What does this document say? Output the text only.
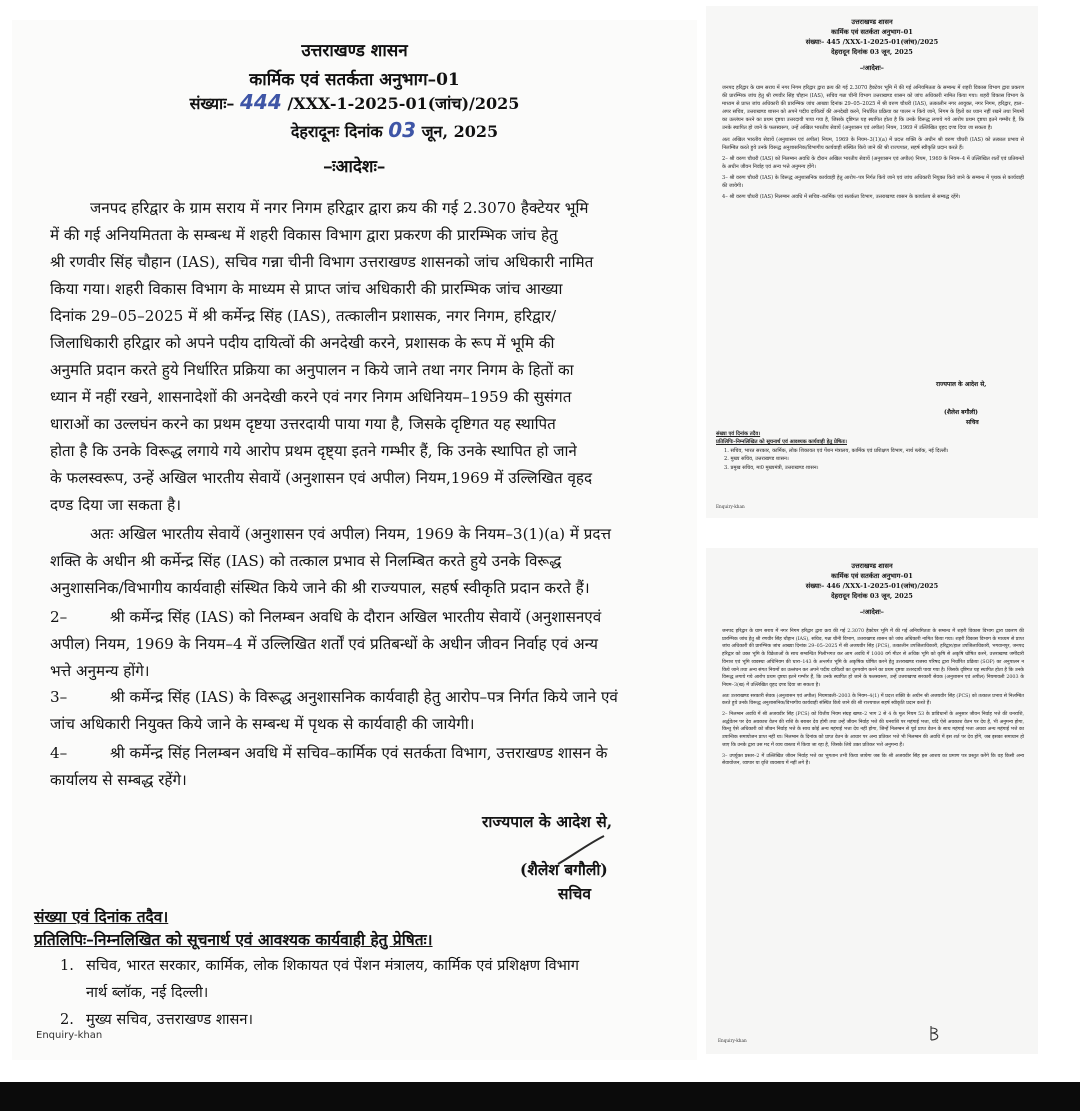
उत्तराखण्ड शासन
कार्मिक एवं सतर्कता अनुभाग–01
संख्याः– 444 /XXX-1-2025-01(जांच)/2025
देहरादूनः दिनांक 03 जून, 2025
–ःआदेशः–
जनपद हरिद्वार के ग्राम सराय में नगर निगम हरिद्वार द्वारा क्रय की गई 2.3070 हैक्टेयर भूमि
में की गई अनियमितता के सम्बन्ध में शहरी विकास विभाग द्वारा प्रकरण की प्रारम्भिक जांच हेतु
श्री रणवीर सिंह चौहान (IAS), सचिव गन्ना चीनी विभाग उत्तराखण्ड शासनको जांच अधिकारी नामित
किया गया। शहरी विकास विभाग के माध्यम से प्राप्त जांच अधिकारी की प्रारम्भिक जांच आख्या
दिनांक 29–05–2025 में श्री कर्मेन्द्र सिंह (IAS), तत्कालीन प्रशासक, नगर निगम, हरिद्वार/
जिलाधिकारी हरिद्वार को अपने पदीय दायित्वों की अनदेखी करने, प्रशासक के रूप में भूमि की
अनुमति प्रदान करते हुये निर्धारित प्रक्रिया का अनुपालन न किये जाने तथा नगर निगम के हितों का
ध्यान में नहीं रखने, शासनादेशों की अनदेखी करने एवं नगर निगम अधिनियम–1959 की सुसंगत
धाराओं का उल्लघंन करने का प्रथम दृष्टया उत्तरदायी पाया गया है, जिसके दृष्टिगत यह स्थापित
होता है कि उनके विरूद्ध लगाये गये आरोप प्रथम दृष्ट्या इतने गम्भीर हैं, कि उनके स्थापित हो जाने
के फलस्वरूप, उन्हें अखिल भारतीय सेवायें (अनुशासन एवं अपील) नियम,1969 में उल्लिखित वृहद
दण्ड दिया जा सकता है।
अतः अखिल भारतीय सेवायें (अनुशासन एवं अपील) नियम, 1969 के नियम–3(1)(a) में प्रदत्त
शक्ति के अधीन श्री कर्मेन्द्र सिंह (IAS) को तत्काल प्रभाव से निलम्बित करते हुये उनके विरूद्ध
अनुशासनिक/विभागीय कार्यवाही संस्थित किये जाने की श्री राज्यपाल, सहर्ष स्वीकृति प्रदान करते हैं।
2–	श्री कर्मेन्द्र सिंह (IAS) को निलम्बन अवधि के दौरान अखिल भारतीय सेवायें (अनुशासनएवं
अपील) नियम, 1969 के नियम–4 में उल्लिखित शर्तों एवं प्रतिबन्धों के अधीन जीवन निर्वाह एवं अन्य
भत्ते अनुमन्य होंगे।
3–	श्री कर्मेन्द्र सिंह (IAS) के विरूद्ध अनुशासनिक कार्यवाही हेतु आरोप–पत्र निर्गत किये जाने एवं
जांच अधिकारी नियुक्त किये जाने के सम्बन्ध में पृथक से कार्यवाही की जायेगी।
4–	श्री कर्मेन्द्र सिंह निलम्बन अवधि में सचिव–कार्मिक एवं सतर्कता विभाग, उत्तराखण्ड शासन के
कार्यालय से सम्बद्ध रहेंगे।
राज्यपाल के आदेश से,
(शैलेश बगौली)
सचिव
संख्या एवं दिनांक तदैव।
प्रतिलिपिः–निम्नलिखित को सूचनार्थ एवं आवश्यक कार्यवाही हेतु प्रेषितः।
1. सचिव, भारत सरकार, कार्मिक, लोक शिकायत एवं पेंशन मंत्रालय, कार्मिक एवं प्रशिक्षण विभाग
नार्थ ब्लॉक, नई दिल्ली।
2. मुख्य सचिव, उत्तराखण्ड शासन।
Enquiry-khan
उत्तराखण्ड शासन
कार्मिक एवं सतर्कता अनुभाग–01
संख्याः– 445 /XXX-1-2025-01(जांच)/2025
देहरादून दिनांक 03 जून, 2025
–ःआदेशः–

जनपद हरिद्वार के ग्राम सराय में नगर निगम हरिद्वार द्वारा क्रय की गई 2.3070 हैक्टेयर भूमि में की गई अनियमितता के सम्बन्ध में शहरी विकास विभाग द्वारा प्रकरण की प्रारम्भिक जांच हेतु श्री रणवीर सिंह चौहान (IAS), सचिव गन्ना चीनी विभाग उत्तराखण्ड शासन को जांच अधिकारी नामित किया गया। शहरी विकास विभाग के माध्यम से प्राप्त जांच अधिकारी की प्रारम्भिक जांच आख्या दिनांक 29–05–2025 में श्री वरुण चौधरी (IAS), तत्कालीन नगर आयुक्त, नगर निगम, हरिद्वार, हाल–अपर सचिव, उत्तराखण्ड शासन को अपने पदीय दायित्वों की अनदेखी करने, निर्धारित प्रक्रिया का पालन न किये जाने, निगम के हितों का ध्यान नहीं रखने तथा नियमों का उल्लंघन करने का प्रथम दृष्टया उत्तरदायी पाया गया है, जिसके दृष्टिगत यह स्थापित होता है कि उनके विरूद्ध लगाये गये आरोप प्रथम दृष्टया इतने गम्भीर हैं, कि उनके स्थापित हो जाने के फलस्वरूप, उन्हें अखिल भारतीय सेवायें (अनुशासन एवं अपील) नियम, 1969 में उल्लिखित वृहद दण्ड दिया जा सकता है।

अतः अखिल भारतीय सेवायें (अनुशासन एवं अपील) नियम, 1969 के नियम–3(1)(a) में प्रदत्त शक्ति के अधीन श्री वरुण चौधरी (IAS) को तत्काल प्रभाव से निलम्बित करते हुये उनके विरूद्ध अनुशासनिक/विभागीय कार्यवाही संस्थित किये जाने की श्री राज्यपाल, सहर्ष स्वीकृति प्रदान करते हैं।

2– श्री वरुण चौधरी (IAS) को निलम्बन अवधि के दौरान अखिल भारतीय सेवायें (अनुशासन एवं अपील) नियम, 1969 के नियम–4 में उल्लिखित शर्तों एवं प्रतिबन्धों के अधीन जीवन निर्वाह एवं अन्य भत्ते अनुमन्य होंगे।

3– श्री वरुण चौधरी (IAS) के विरूद्ध अनुशासनिक कार्यवाही हेतु आरोप–पत्र निर्गत किये जाने एवं जांच अधिकारी नियुक्त किये जाने के सम्बन्ध में पृथक से कार्यवाही की जायेगी।

4– श्री वरुण चौधरी (IAS) निलम्बन अवधि में सचिव–कार्मिक एवं सतर्कता विभाग, उत्तराखण्ड शासन के कार्यालय से सम्बद्ध रहेंगे।

राज्यपाल के आदेश से,
(शैलेश बगौली)
सचिव
संख्या एवं दिनांक तदैव।
प्रतिलिपिः–निम्नलिखित को सूचनार्थ एवं आवश्यक कार्यवाही हेतु प्रेषितः।
1. सचिव, भारत सरकार, कार्मिक, लोक शिकायत एवं पेंशन मंत्रालय, कार्मिक एवं प्रशिक्षण विभाग, नार्थ ब्लॉक, नई दिल्ली।
2. मुख्य सचिव, उत्तराखण्ड शासन।
3. प्रमुख सचिव, मा0 मुख्यमंत्री, उत्तराखण्ड शासन।
Enquiry-khan
उत्तराखण्ड शासन
कार्मिक एवं सतर्कता अनुभाग–01
संख्याः– 446 /XXX-1-2025-01(जांच)/2025
देहरादून दिनांक 03 जून, 2025
–ःआदेशः–

जनपद हरिद्वार के ग्राम सराय में नगर निगम हरिद्वार द्वारा क्रय की गई 2.3070 हैक्टेयर भूमि में की गई अनियमितता के सम्बन्ध में शहरी विकास विभाग द्वारा प्रकरण की प्रारम्भिक जांच हेतु श्री रणवीर सिंह चौहान (IAS), सचिव, गन्ना चीनी विभाग, उत्तराखण्ड शासन को जांच अधिकारी नामित किया गया। शहरी विकास विभाग के माध्यम से प्राप्त जांच अधिकारी की प्रारम्भिक जांच आख्या दिनांक 29–05–2025 में श्री अजयवीर सिंह (PCS), तत्कालीन उपजिलाधिकारी, हरिद्वार/हाल उपजिलाधिकारी, भगवानपुर, जनपद हरिद्वार को उक्त भूमि के विक्रेताओं के साथ सम्बन्धित मिलीभगत कर आम अवधि में 1000 वर्ग मीटर से अधिक भूमि को कृषि से अकृषि घोषित करने, उत्तराखण्ड जमींदारी विनाश एवं भूमि व्यवस्था अधिनियम की धारा–143 के अन्तर्गत भूमि के अकृषिक घोषित करने हेतु उत्तराखण्ड राजस्व परिषद द्वारा निर्धारित प्रक्रिया (SOP) का अनुपालन न किये जाने तथा अन्य संगत नियमों का उल्लंघन कर अपने पदीय दायित्वों का दुरुपयोग करने का प्रथम दृष्टया उत्तरदायी पाया गया है। जिसके दृष्टिगत यह स्थापित होता है कि उनके विरूद्ध लगाये गये आरोप प्रथम दृष्टया इतने गम्भीर हैं, कि उनके स्थापित हो जाने के फलस्वरूप, उन्हें उत्तराखण्ड सरकारी सेवक (अनुशासन एवं अपील) नियमावली 2003 के नियम–3(ख) में उल्लिखित वृहद दण्ड दिया जा सकता है।

अतः उत्तराखण्ड सरकारी सेवक (अनुशासन एवं अपील) नियमावली–2003 के नियम–4(1) में प्रदत्त शक्ति के अधीन श्री अजयवीर सिंह (PCS) को तत्काल प्रभाव से निलम्बित करते हुये उनके विरूद्ध अनुशासनिक/विभागीय कार्यवाही संस्थित किये जाने की श्री राज्यपाल सहर्ष स्वीकृति प्रदान करते हैं।

2– निलम्बन अवधि में श्री अजयवीर सिंह (PCS) को वित्तीय नियम संग्रह खण्ड–2 भाग 2 से 4 के मूल नियम 53 के प्राविधानों के अनुसार जीवन निर्वाह भत्ते की धनराशि, अर्द्धवेतन पर देय अवकाश वेतन की राशि के बराबर देय होगी तथा उन्हें जीवन निर्वाह भत्ते की धनराशि पर महंगाई भत्ता, यदि ऐसे अवकाश वेतन पर देय है, भी अनुमन्य होगा, किन्तु ऐसे अधिकारी को जीवन निर्वाह भत्ते के साथ कोई अन्य महंगाई भत्ता देय नहीं होगा, जिन्हें निलम्बन से पूर्व प्राप्त वेतन के साथ महंगाई भत्ता अथवा अन्य महंगाई भत्ते का उपान्तिक समायोजन प्राप्त नहीं था। निलम्बन के दिनांक को प्राप्त वेतन के आधार पर अन्य प्रतिकर भत्ते भी निलम्बन की अवधि में इस शर्त पर देय होंगे, जब इसका समाधान हो जाए कि उनके द्वारा उस मद में व्यय वास्तव में किया जा रहा है, जिसके लिये उक्त प्रतिकर भत्ते अनुमन्य हैं।

3– उपर्युक्त प्रस्तर–2 में उल्लिखित जीवन निर्वाह भत्ते का भुगतान तभी किया जायेगा जब कि श्री अजयवीर सिंह इस आशय का प्रमाण पत्र प्रस्तुत करेंगे कि वह किसी अन्य सेवायोजन, व्यापार या वृत्ति व्यवसाय में नहीं लगे हैं।

Enquiry-khan
